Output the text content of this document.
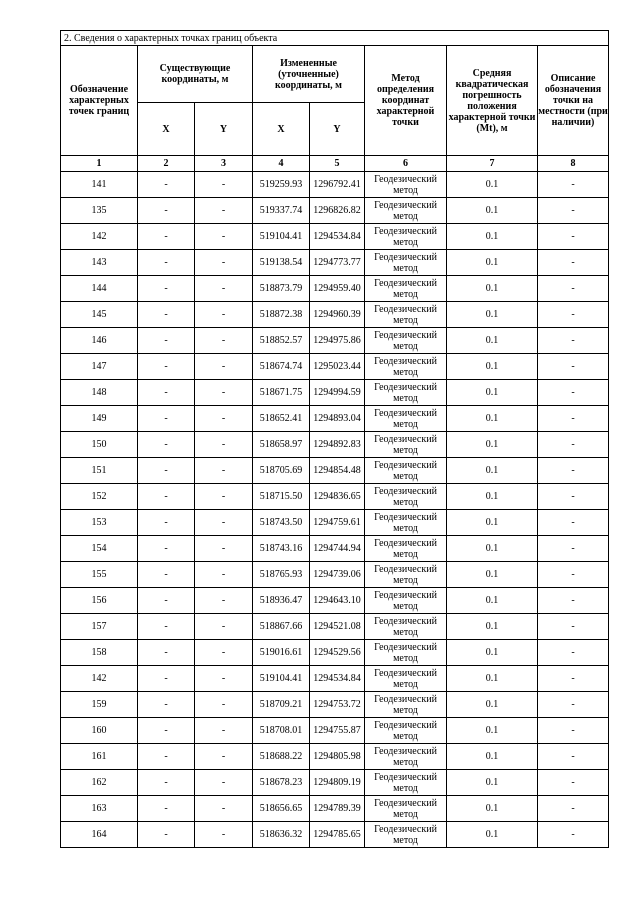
2. Сведения о характерных точках границ объекта							
Обозначение характерных точек границ	Существующие координаты, м		Измененные (уточненные) координаты, м		Метод определения координат характерной точки	Средняя квадратическая погрешность положения характерной точки (Mt), м	Описание обозначения точки на местности (при наличии)
	X	Y	X	Y			
1	2	3	4	5	6	7	8
141	-	-	519259.93	1296792.41	Геодезический метод	0.1	-
135	-	-	519337.74	1296826.82	Геодезический метод	0.1	-
142	-	-	519104.41	1294534.84	Геодезический метод	0.1	-
143	-	-	519138.54	1294773.77	Геодезический метод	0.1	-
144	-	-	518873.79	1294959.40	Геодезический метод	0.1	-
145	-	-	518872.38	1294960.39	Геодезический метод	0.1	-
146	-	-	518852.57	1294975.86	Геодезический метод	0.1	-
147	-	-	518674.74	1295023.44	Геодезический метод	0.1	-
148	-	-	518671.75	1294994.59	Геодезический метод	0.1	-
149	-	-	518652.41	1294893.04	Геодезический метод	0.1	-
150	-	-	518658.97	1294892.83	Геодезический метод	0.1	-
151	-	-	518705.69	1294854.48	Геодезический метод	0.1	-
152	-	-	518715.50	1294836.65	Геодезический метод	0.1	-
153	-	-	518743.50	1294759.61	Геодезический метод	0.1	-
154	-	-	518743.16	1294744.94	Геодезический метод	0.1	-
155	-	-	518765.93	1294739.06	Геодезический метод	0.1	-
156	-	-	518936.47	1294643.10	Геодезический метод	0.1	-
157	-	-	518867.66	1294521.08	Геодезический метод	0.1	-
158	-	-	519016.61	1294529.56	Геодезический метод	0.1	-
142	-	-	519104.41	1294534.84	Геодезический метод	0.1	-
159	-	-	518709.21	1294753.72	Геодезический метод	0.1	-
160	-	-	518708.01	1294755.87	Геодезический метод	0.1	-
161	-	-	518688.22	1294805.98	Геодезический метод	0.1	-
162	-	-	518678.23	1294809.19	Геодезический метод	0.1	-
163	-	-	518656.65	1294789.39	Геодезический метод	0.1	-
164	-	-	518636.32	1294785.65	Геодезический метод	0.1	-
